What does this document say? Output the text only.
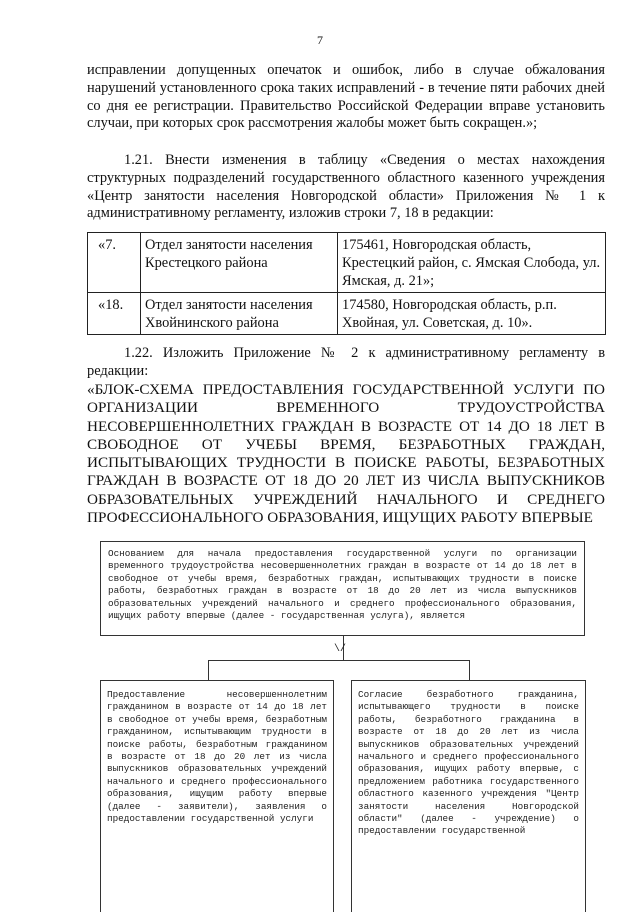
7
исправлении допущенных опечаток и ошибок, либо в случае обжалования нарушений установленного срока таких исправлений - в течение пяти рабочих дней со дня ее регистрации. Правительство Российской Федерации вправе установить случаи, при которых срок рассмотрения жалобы может быть сокращен.»;
1.21. Внести изменения в таблицу «Сведения о местах нахождения структурных подразделений государственного областного казенного учреждения «Центр занятости населения Новгородской области» Приложения № 1 к административному регламенту, изложив строки 7, 18 в редакции:
«7.	Отдел занятости населения Крестецкого района	175461, Новгородская область, Крестецкий район, с. Ямская Слобода, ул. Ямская, д. 21»;
«18.	Отдел занятости населения Хвойнинского района	174580, Новгородская область, р.п. Хвойная, ул. Советская, д. 10».
1.22. Изложить Приложение № 2 к административному регламенту в редакции:
«БЛОК-СХЕМА ПРЕДОСТАВЛЕНИЯ ГОСУДАРСТВЕННОЙ УСЛУГИ ПО ОРГАНИЗАЦИИ ВРЕМЕННОГО ТРУДОУСТРОЙСТВА НЕСОВЕРШЕННОЛЕТНИХ ГРАЖДАН В ВОЗРАСТЕ ОТ 14 ДО 18 ЛЕТ В СВОБОДНОЕ ОТ УЧЕБЫ ВРЕМЯ, БЕЗРАБОТНЫХ ГРАЖДАН, ИСПЫТЫВАЮЩИХ ТРУДНОСТИ В ПОИСКЕ РАБОТЫ, БЕЗРАБОТНЫХ ГРАЖДАН В ВОЗРАСТЕ ОТ 18 ДО 20 ЛЕТ ИЗ ЧИСЛА ВЫПУСКНИКОВ ОБРАЗОВАТЕЛЬНЫХ УЧРЕЖДЕНИЙ НАЧАЛЬНОГО И СРЕДНЕГО ПРОФЕССИОНАЛЬНОГО ОБРАЗОВАНИЯ, ИЩУЩИХ РАБОТУ ВПЕРВЫЕ

Основанием для начала предоставления государственной услуги по организации временного трудоустройства несовершеннолетних граждан в возрасте от 14 до 18 лет в свободное от учебы время, безработных граждан, испытывающих трудности в поиске работы, безработных граждан в возрасте от 18 до 20 лет из числа выпускников образовательных учреждений начального и среднего профессионального образования, ищущих работу впервые (далее - государственная услуга), является

\/

Предоставление несовершеннолетним гражданином в возрасте от 14 до 18 лет в свободное от учебы время, безработным гражданином, испытывающим трудности в поиске работы, безработным гражданином в возрасте от 18 до 20 лет из числа выпускников образовательных учреждений начального и среднего профессионального образования, ищущим работу впервые (далее - заявители), заявления о предоставлении государственной услуги

Согласие безработного гражданина, испытывающего трудности в поиске работы, безработного гражданина в возрасте от 18 до 20 лет из числа выпускников образовательных учреждений начального и среднего профессионального образования, ищущих работу впервые, с предложением работника государственного областного казенного учреждения "Центр занятости населения Новгородской области" (далее - учреждение) о предоставлении государственной
